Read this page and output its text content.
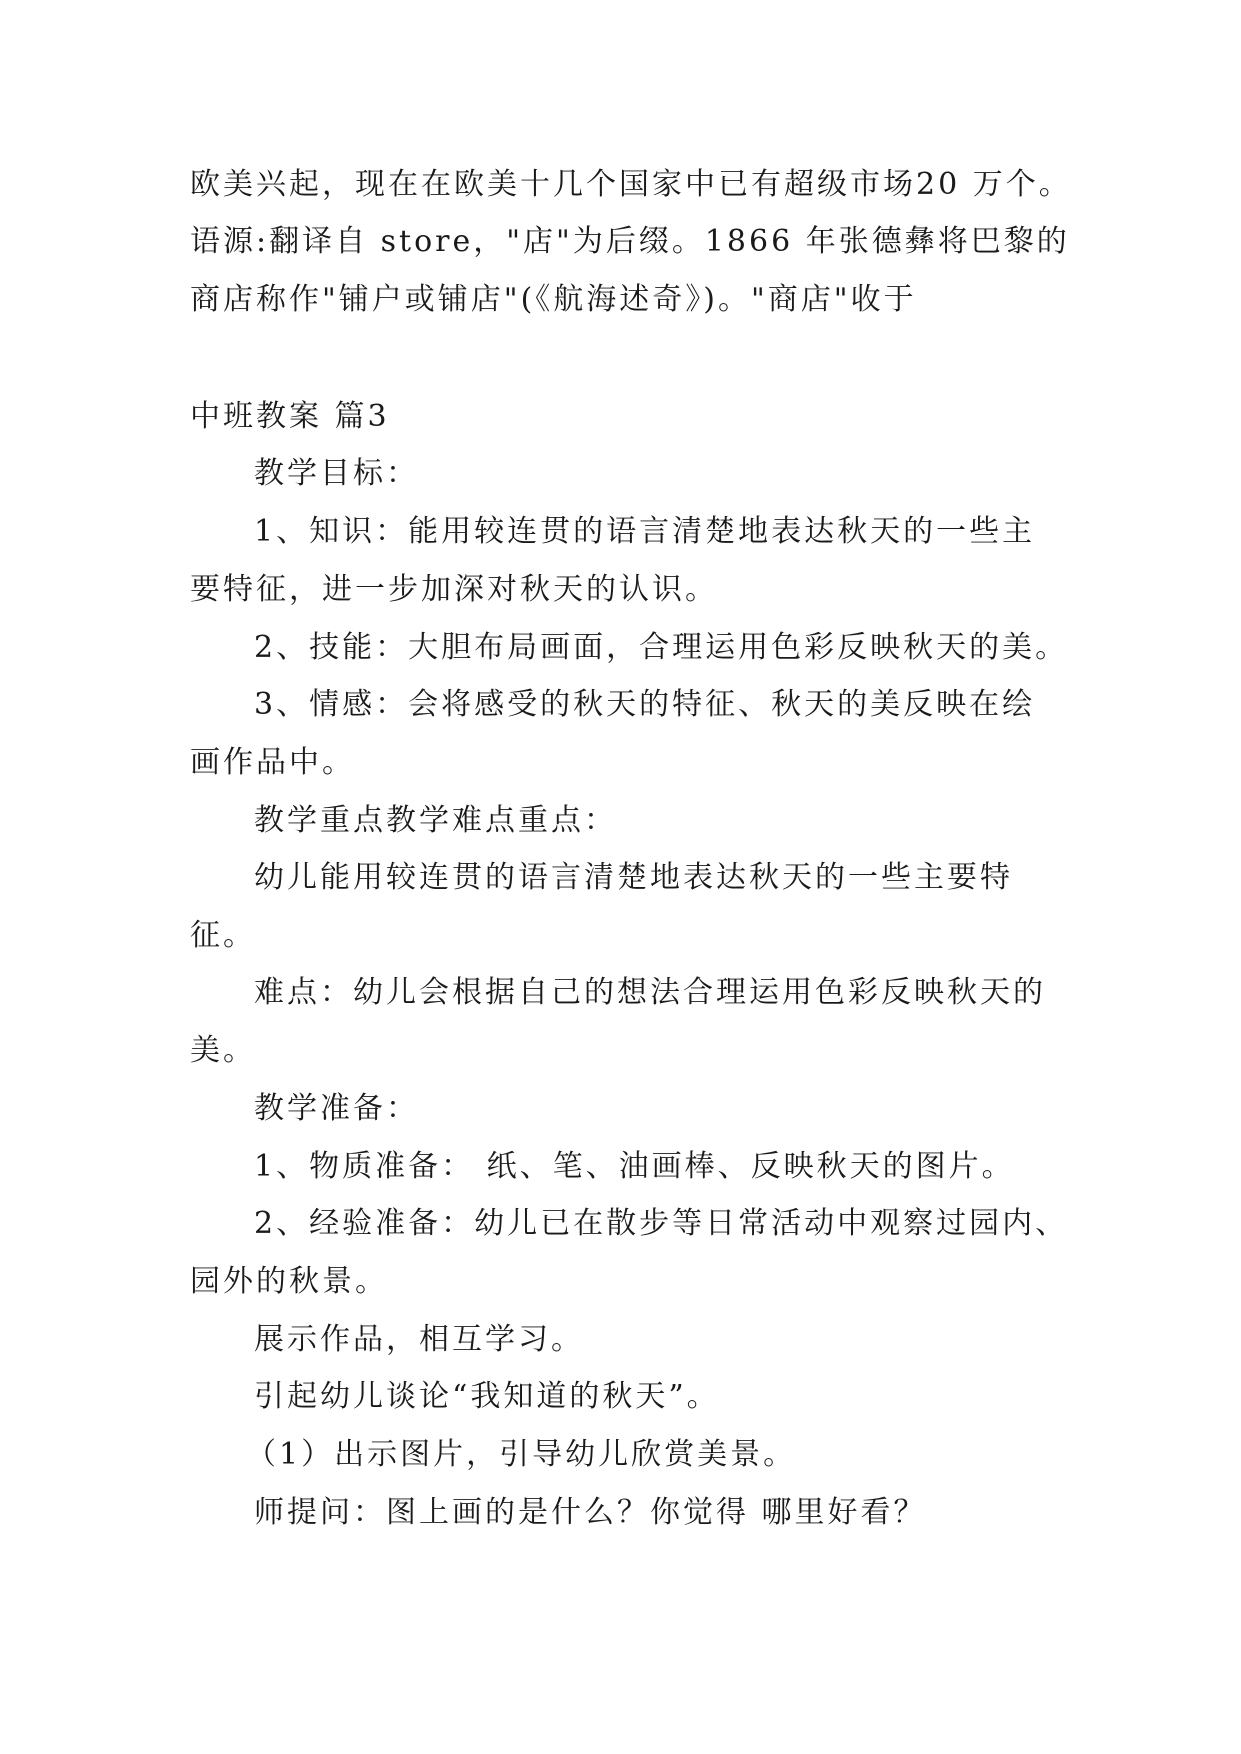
欧美兴起，现在在欧美十几个国家中已有超级市场20 万个。
语源:翻译自 store，"店"为后缀。1866 年张德彝将巴黎的
商店称作"铺户或铺店"(《航海述奇》)。"商店"收于
中班教案 篇3
教学目标：
1、知识：能用较连贯的语言清楚地表达秋天的一些主
要特征，进一步加深对秋天的认识。
2、技能：大胆布局画面，合理运用色彩反映秋天的美。
3、情感：会将感受的秋天的特征、秋天的美反映在绘
画作品中。
教学重点教学难点重点：
幼儿能用较连贯的语言清楚地表达秋天的一些主要特
征。
难点：幼儿会根据自己的想法合理运用色彩反映秋天的
美。
教学准备：
1、物质准备： 纸、笔、油画棒、反映秋天的图片。
2、经验准备：幼儿已在散步等日常活动中观察过园内、
园外的秋景。
展示作品，相互学习。
引起幼儿谈论“我知道的秋天”。
（1）出示图片，引导幼儿欣赏美景。
师提问：图上画的是什么？你觉得 哪里好看？
